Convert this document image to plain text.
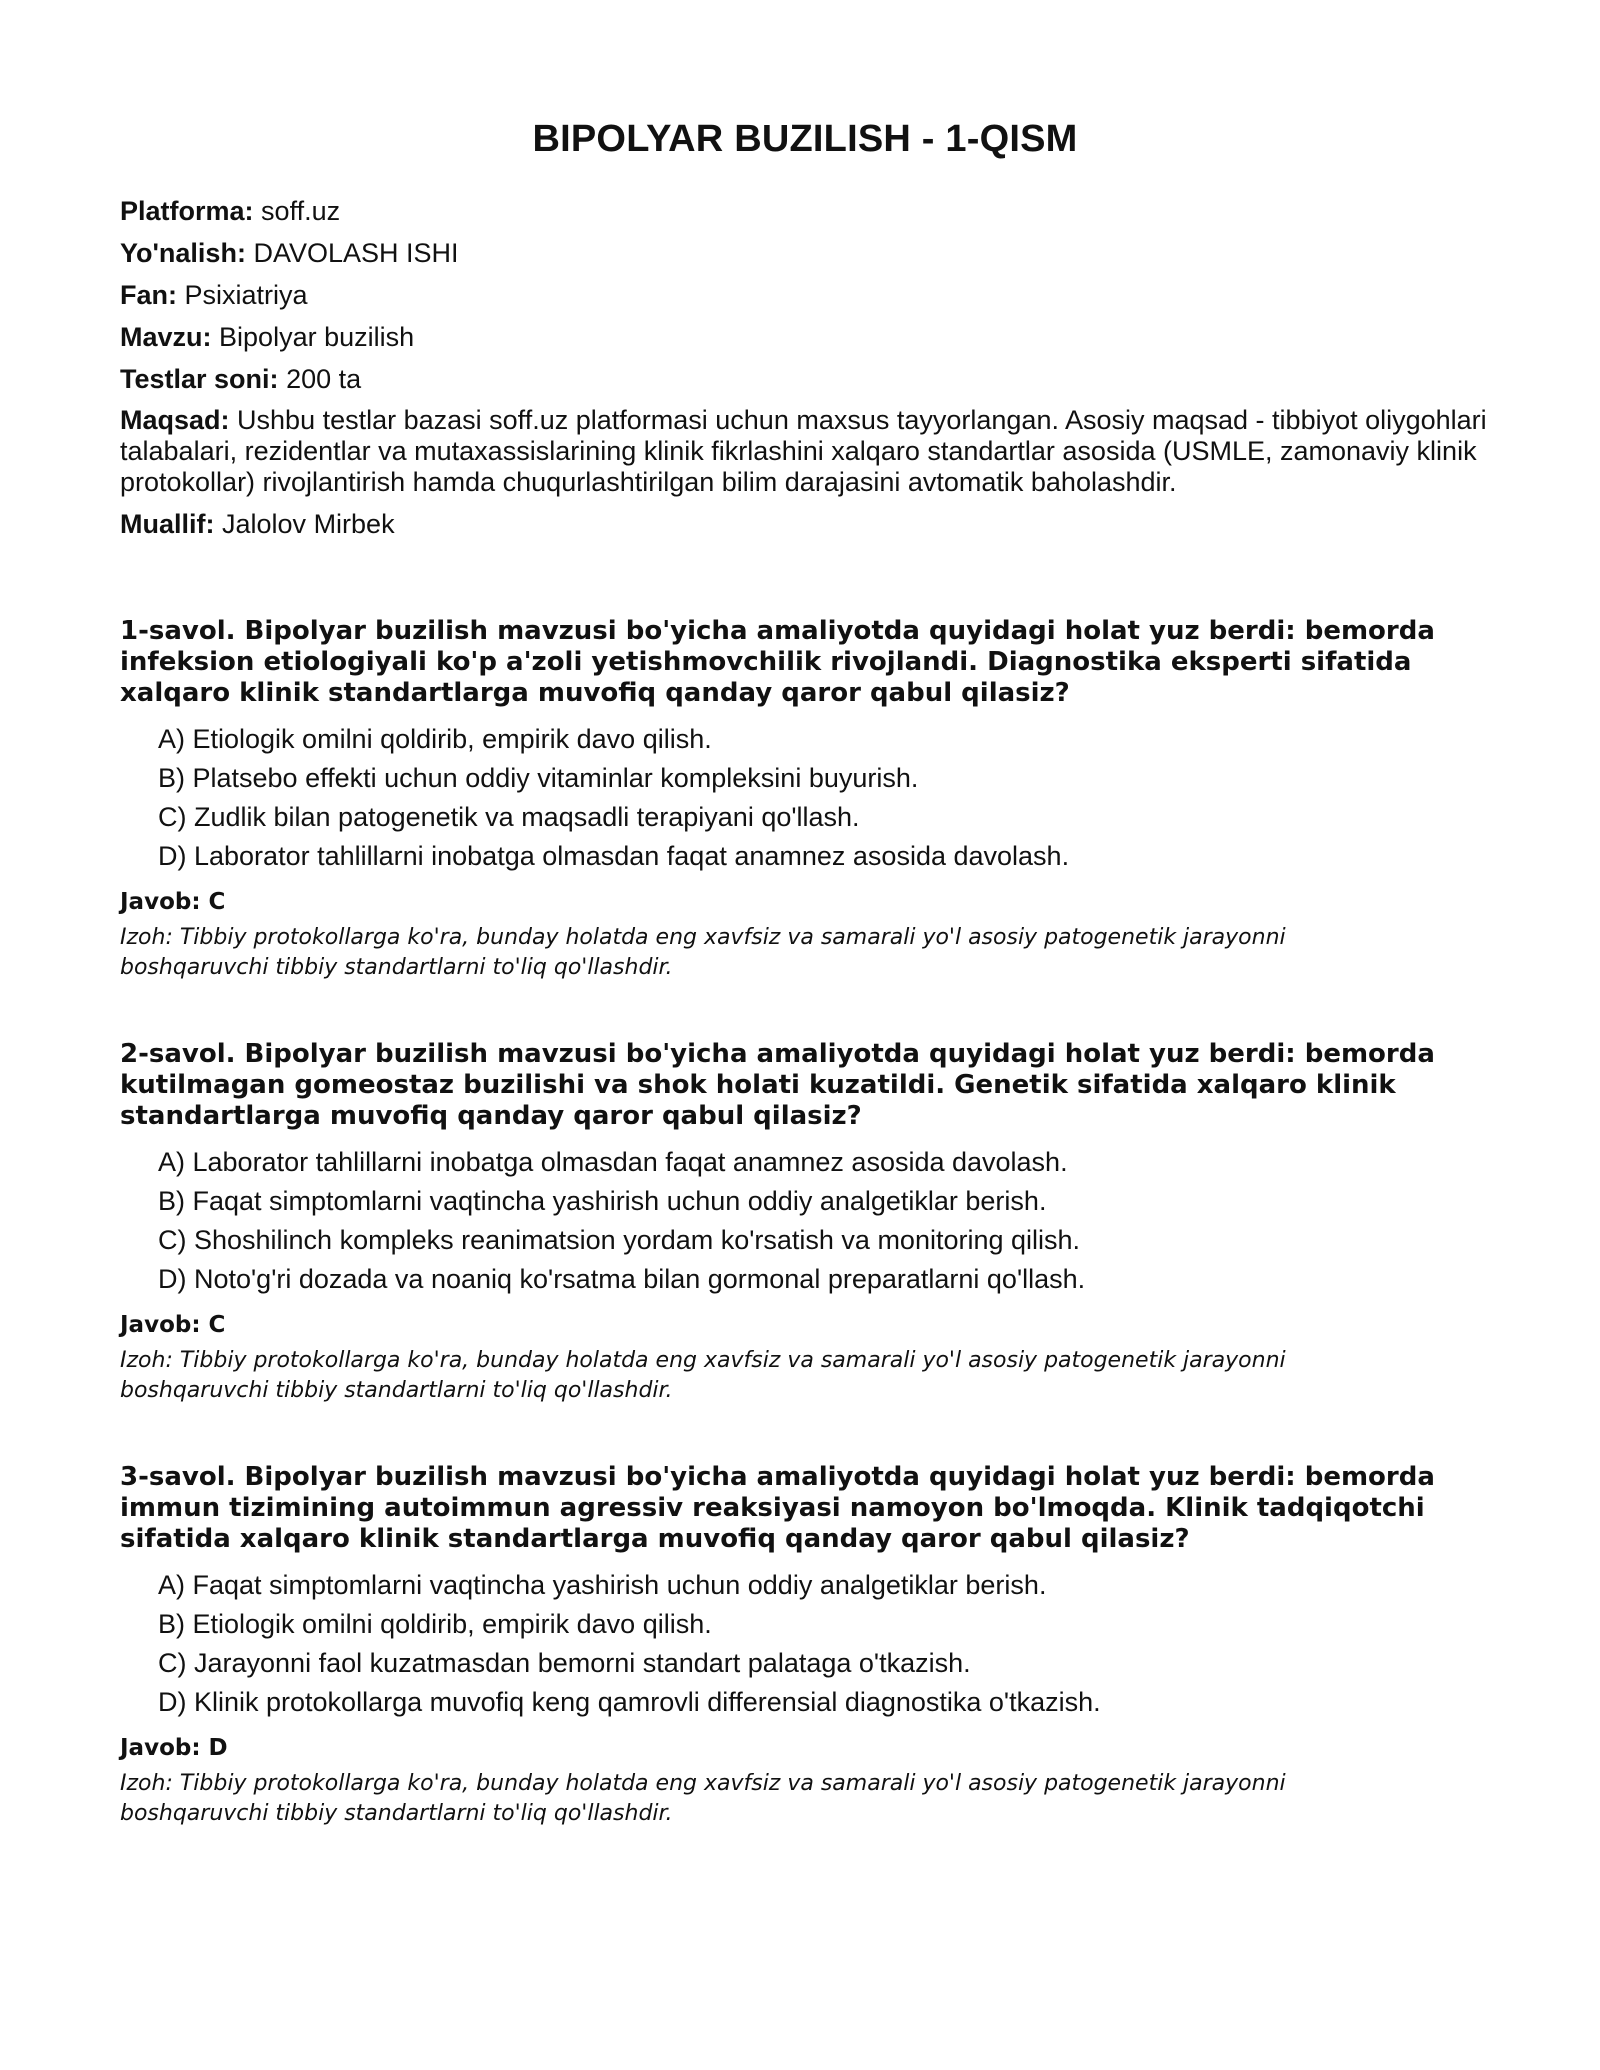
BIPOLYAR BUZILISH - 1-QISM
Platforma: soff.uz
Yo'nalish: DAVOLASH ISHI
Fan: Psixiatriya
Mavzu: Bipolyar buzilish
Testlar soni: 200 ta
Maqsad: Ushbu testlar bazasi soff.uz platformasi uchun maxsus tayyorlangan. Asosiy maqsad - tibbiyot oliygohlari talabalari, rezidentlar va mutaxassislarining klinik fikrlashini xalqaro standartlar asosida (USMLE, zamonaviy klinik protokollar) rivojlantirish hamda chuqurlashtirilgan bilim darajasini avtomatik baholashdir.
Muallif: Jalolov Mirbek

1-savol. Bipolyar buzilish mavzusi bo'yicha amaliyotda quyidagi holat yuz berdi: bemorda infeksion etiologiyali ko'p a'zoli yetishmovchilik rivojlandi. Diagnostika eksperti sifatida xalqaro klinik standartlarga muvofiq qanday qaror qabul qilasiz?

A) Etiologik omilni qoldirib, empirik davo qilish.
B) Platsebo effekti uchun oddiy vitaminlar kompleksini buyurish.
C) Zudlik bilan patogenetik va maqsadli terapiyani qo'llash.
D) Laborator tahlillarni inobatga olmasdan faqat anamnez asosida davolash.

Javob: C

Izoh: Tibbiy protokollarga ko'ra, bunday holatda eng xavfsiz va samarali yo'l asosiy patogenetik jarayonni boshqaruvchi tibbiy standartlarni to'liq qo'llashdir.

2-savol. Bipolyar buzilish mavzusi bo'yicha amaliyotda quyidagi holat yuz berdi: bemorda kutilmagan gomeostaz buzilishi va shok holati kuzatildi. Genetik sifatida xalqaro klinik standartlarga muvofiq qanday qaror qabul qilasiz?

A) Laborator tahlillarni inobatga olmasdan faqat anamnez asosida davolash.
B) Faqat simptomlarni vaqtincha yashirish uchun oddiy analgetiklar berish.
C) Shoshilinch kompleks reanimatsion yordam ko'rsatish va monitoring qilish.
D) Noto'g'ri dozada va noaniq ko'rsatma bilan gormonal preparatlarni qo'llash.

Javob: C

Izoh: Tibbiy protokollarga ko'ra, bunday holatda eng xavfsiz va samarali yo'l asosiy patogenetik jarayonni boshqaruvchi tibbiy standartlarni to'liq qo'llashdir.

3-savol. Bipolyar buzilish mavzusi bo'yicha amaliyotda quyidagi holat yuz berdi: bemorda immun tizimining autoimmun agressiv reaksiyasi namoyon bo'lmoqda. Klinik tadqiqotchi sifatida xalqaro klinik standartlarga muvofiq qanday qaror qabul qilasiz?

A) Faqat simptomlarni vaqtincha yashirish uchun oddiy analgetiklar berish.
B) Etiologik omilni qoldirib, empirik davo qilish.
C) Jarayonni faol kuzatmasdan bemorni standart palataga o'tkazish.
D) Klinik protokollarga muvofiq keng qamrovli differensial diagnostika o'tkazish.

Javob: D

Izoh: Tibbiy protokollarga ko'ra, bunday holatda eng xavfsiz va samarali yo'l asosiy patogenetik jarayonni boshqaruvchi tibbiy standartlarni to'liq qo'llashdir.
